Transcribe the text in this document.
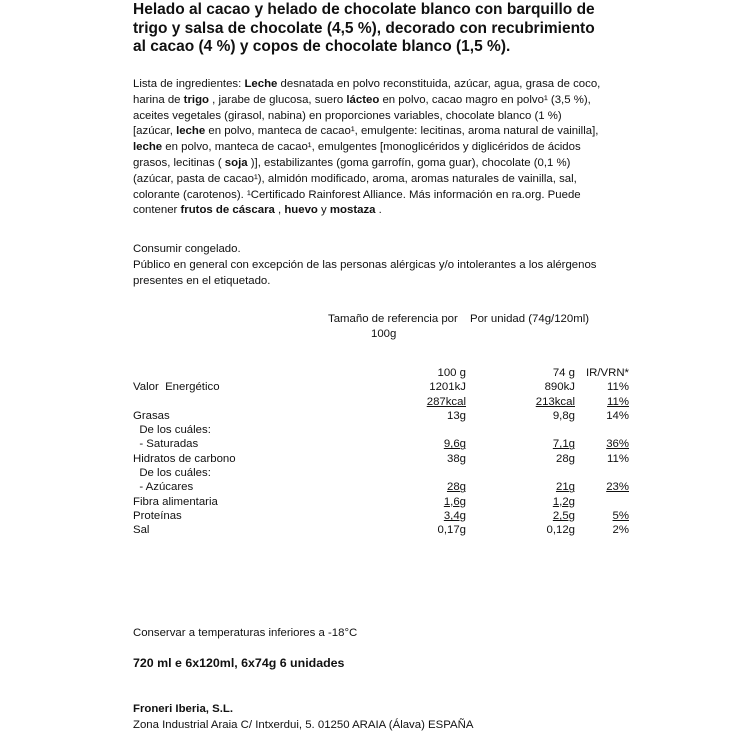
Helado al cacao y helado de chocolate blanco con barquillo de trigo y salsa de chocolate (4,5 %), decorado con recubrimiento al cacao (4 %) y copos de chocolate blanco (1,5 %).
Lista de ingredientes: Leche desnatada en polvo reconstituida, azúcar, agua, grasa de coco, harina de trigo , jarabe de glucosa, suero lácteo en polvo, cacao magro en polvo¹ (3,5 %), aceites vegetales (girasol, nabina) en proporciones variables, chocolate blanco (1 %) [azúcar, leche en polvo, manteca de cacao¹, emulgente: lecitinas, aroma natural de vainilla], leche en polvo, manteca de cacao¹, emulgentes [monoglicéridos y diglicéridos de ácidos grasos, lecitinas ( soja )], estabilizantes (goma garrofín, goma guar), chocolate (0,1 %) (azúcar, pasta de cacao¹), almidón modificado, aroma, aromas naturales de vainilla, sal, colorante (carotenos). ¹Certificado Rainforest Alliance. Más información en ra.org. Puede contener frutos de cáscara , huevo y mostaza .
Consumir congelado.
Público en general con excepción de las personas alérgicas y/o intolerantes a los alérgenos presentes en el etiquetado.
Tamaño de referencia por
100g
Por unidad (74g/120ml)
	100 g	74 g	IR/VRN*
Valor  Energético	1201kJ	890kJ	11%
	287kcal	213kcal	11%
Grasas	13g	9,8g	14%
De los cuáles:			
- Saturadas	9,6g	7,1g	36%
Hidratos de carbono	38g	28g	11%
De los cuáles:			
- Azúcares	28g	21g	23%
Fibra alimentaria	1,6g	1,2g	
Proteínas	3,4g	2,5g	5%
Sal	0,17g	0,12g	2%
Conservar a temperaturas inferiores a -18°C
720 ml e 6x120ml, 6x74g 6 unidades
Froneri Iberia, S.L.
Zona Industrial Araia C/ Intxerdui, 5. 01250 ARAIA (Álava) ESPAÑA
